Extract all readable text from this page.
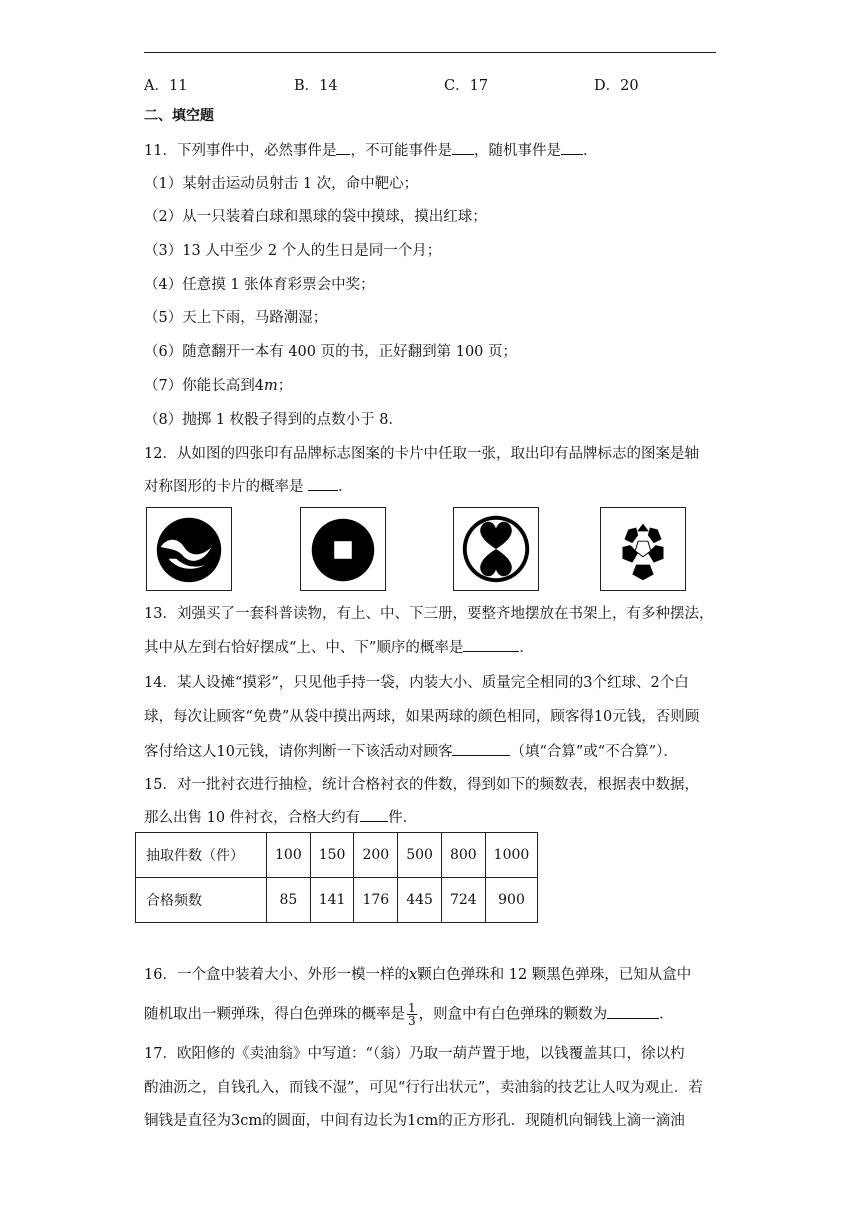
A．11	B．14	C．17	D．20
二、填空题
11．下列事件中，必然事件是 ，不可能事件是 ，随机事件是 ．
（1）某射击运动员射击 1 次，命中靶心；
（2）从一只装着白球和黑球的袋中摸球，摸出红球；
（3）13 人中至少 2 个人的生日是同一个月；
（4）任意摸 1 张体育彩票会中奖；
（5）天上下雨，马路潮湿；
（6）随意翻开一本有 400 页的书，正好翻到第 100 页；
（7）你能长高到4m；
（8）抛掷 1 枚骰子得到的点数小于 8．
12．从如图的四张印有品牌标志图案的卡片中任取一张，取出印有品牌标志的图案是轴
对称图形的卡片的概率是 ．
13．刘强买了一套科普读物，有上、中、下三册，要整齐地摆放在书架上，有多种摆法，
其中从左到右恰好摆成“上、中、下”顺序的概率是	．
14．某人设摊“摸彩”，只见他手持一袋，内装大小、质量完全相同的3个红球、2个白
球，每次让顾客“免费”从袋中摸出两球，如果两球的颜色相同，顾客得10元钱，否则顾
客付给这人10元钱，请你判断一下该活动对顾客	（填“合算”或“不合算”）．
15．对一批衬衣进行抽检，统计合格衬衣的件数，得到如下的频数表，根据表中数据，
那么出售 10 件衬衣，合格大约有 件．
抽取件数（件）	100	150	200	500	800	1000
合格频数	85	141	176	445	724	900
16．一个盒中装着大小、外形一模一样的x颗白色弹珠和 12 颗黑色弹珠，已知从盒中
随机取出一颗弹珠，得白色弹珠的概率是 $\frac{1}{3}$ ，则盒中有白色弹珠的颗数为	．
17．欧阳修的《卖油翁》中写道：“（翁）乃取一葫芦置于地，以钱覆盖其口，徐以杓
酌油沥之，自钱孔入，而钱不湿”，可见“行行出状元”，卖油翁的技艺让人叹为观止．若
铜钱是直径为3cm的圆面，中间有边长为1cm的正方形孔．现随机向铜钱上滴一滴油
